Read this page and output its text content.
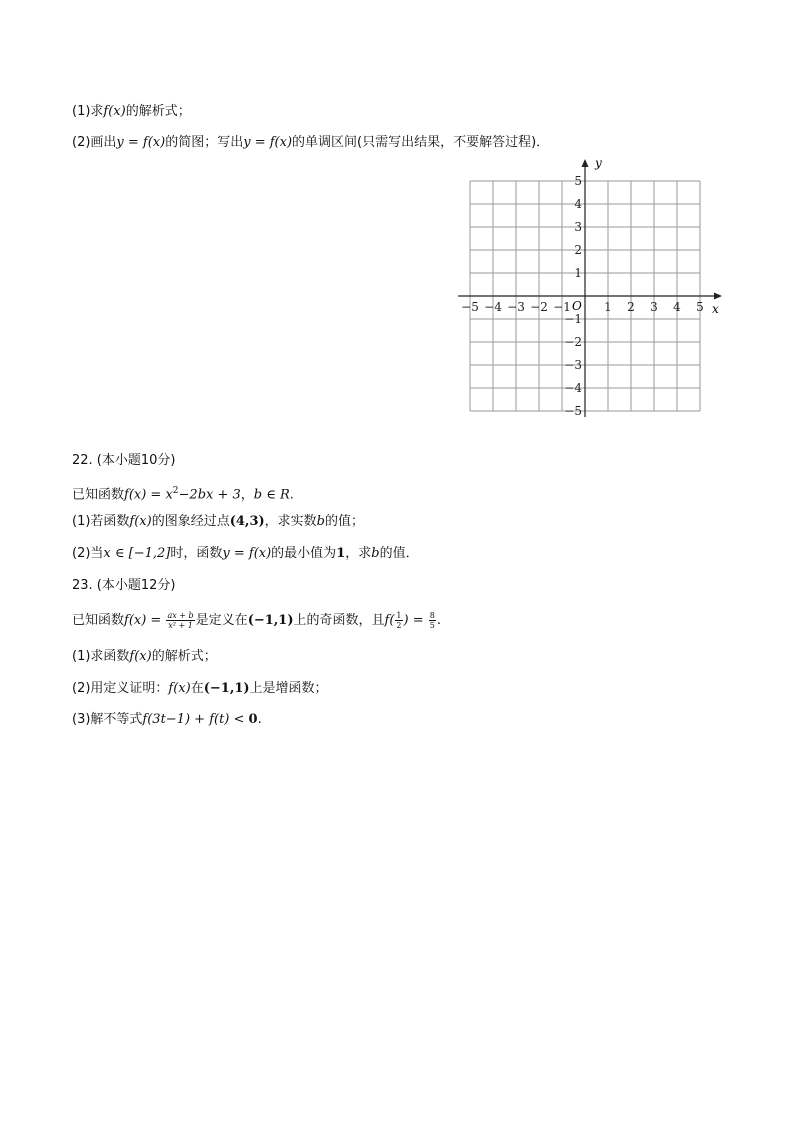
(1)求f(x)的解析式；
(2)画出y = f(x)的简图；写出y = f(x)的单调区间(只需写出结果，不要解答过程)．
y
x
O
−5 −4 −3 −2 −1	1 2 3 4 5
1
2
3
4
5
−1
−2
−3
−4
−5
22. (本小题10分)
已知函数$f(x) = x^2-2bx + 3$，b ∈ R.
(1)若函数f(x)的图象经过点(4,3)，求实数b的值；
(2)当x ∈ [−1,2]时，函数y = f(x)的最小值为1，求b的值．
23. (本小题12分)
已知函数$f(x) = \frac{ax + b}{\text{x² + 1}}$ 是定义在(−1,1)上的奇函数，且$f( \frac{1}{2}$ ) = $\frac{8}{5}$ .
(1)求函数f(x)的解析式；
(2)用定义证明：f(x)在(−1,1)上是增函数；
(3)解不等式f(3t−1) + f(t) < 0.
